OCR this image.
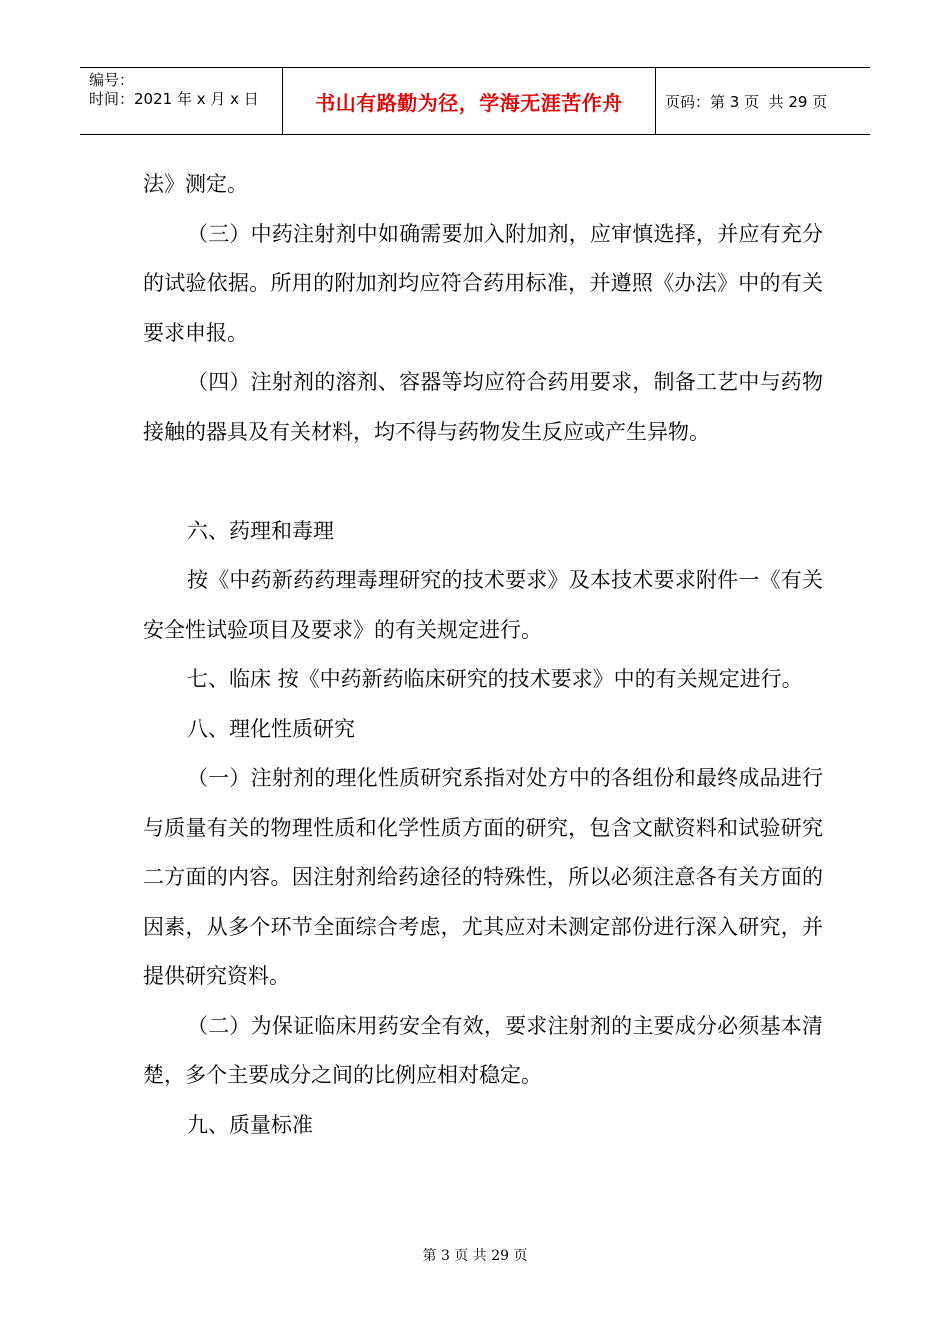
编号：
时间：2021 年 x 月 x 日	书山有路勤为径，学海无涯苦作舟	页码：第 3 页  共 29 页

法》测定。

（三）中药注射剂中如确需要加入附加剂，应审慎选择，并应有充分的试验依据。所用的附加剂均应符合药用标准，并遵照《办法》中的有关要求申报。

（四）注射剂的溶剂、容器等均应符合药用要求，制备工艺中与药物接触的器具及有关材料，均不得与药物发生反应或产生异物。

六、药理和毒理

按《中药新药药理毒理研究的技术要求》及本技术要求附件一《有关安全性试验项目及要求》的有关规定进行。

七、临床 按《中药新药临床研究的技术要求》中的有关规定进行。

八、理化性质研究

（一）注射剂的理化性质研究系指对处方中的各组份和最终成品进行与质量有关的物理性质和化学性质方面的研究，包含文献资料和试验研究二方面的内容。因注射剂给药途径的特殊性，所以必须注意各有关方面的因素，从多个环节全面综合考虑，尤其应对未测定部份进行深入研究，并提供研究资料。

（二）为保证临床用药安全有效，要求注射剂的主要成分必须基本清楚，多个主要成分之间的比例应相对稳定。

九、质量标准

第 3 页 共 29 页
